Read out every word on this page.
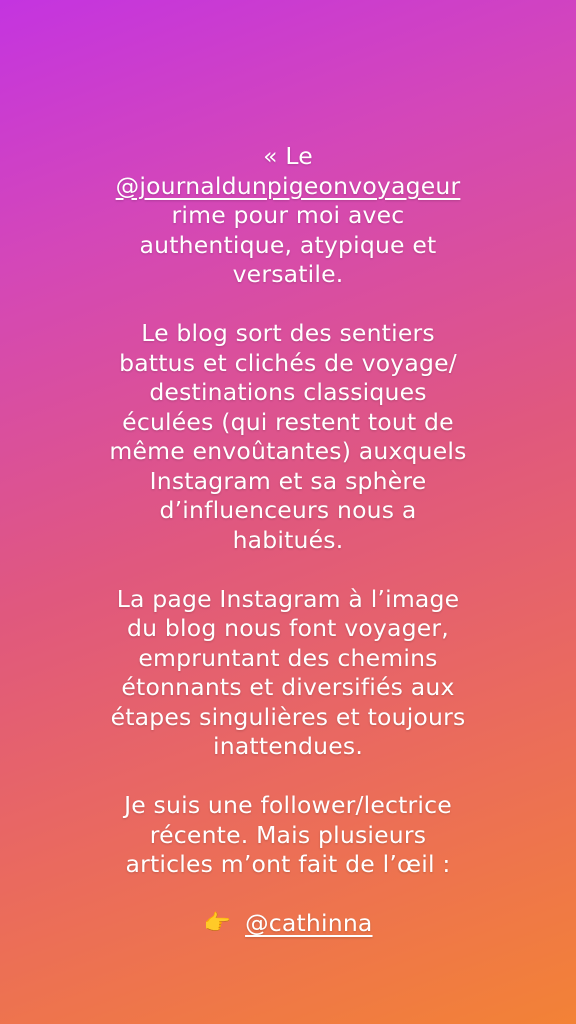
« Le
@journaldunpigeonvoyageur
rime pour moi avec
authentique, atypique et
versatile.
Le blog sort des sentiers
battus et clichés de voyage/
destinations classiques
éculées (qui restent tout de
même envoûtantes) auxquels
Instagram et sa sphère
d’influenceurs nous a
habitués.
La page Instagram à l’image
du blog nous font voyager,
empruntant des chemins
étonnants et diversifiés aux
étapes singulières et toujours
inattendues.
Je suis une follower/lectrice
récente. Mais plusieurs
articles m’ont fait de l’œil :
👉 @cathinna
